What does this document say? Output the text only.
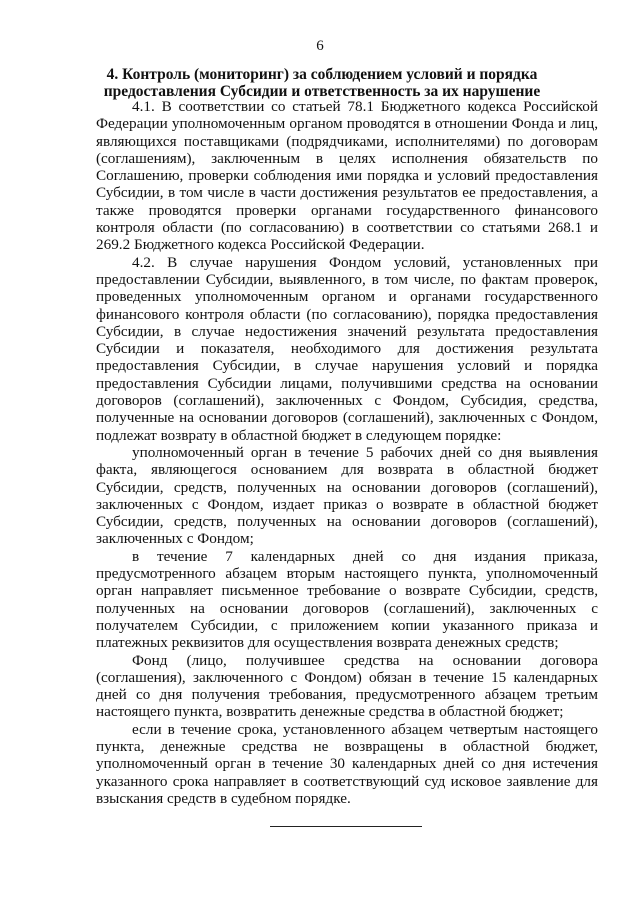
6
4. Контроль (мониторинг) за соблюдением условий и порядка предоставления Субсидии и ответственность за их нарушение

4.1. В соответствии со статьей 78.1 Бюджетного кодекса Российской Федерации уполномоченным органом проводятся в отношении Фонда и лиц, являющихся поставщиками (подрядчиками, исполнителями) по договорам (соглашениям), заключенным в целях исполнения обязательств по Соглашению, проверки соблюдения ими порядка и условий предоставления Субсидии, в том числе в части достижения результатов ее предоставления, а также проводятся проверки органами государственного финансового контроля области (по согласованию) в соответствии со статьями 268.1 и 269.2 Бюджетного кодекса Российской Федерации.

4.2. В случае нарушения Фондом условий, установленных при предоставлении Субсидии, выявленного, в том числе, по фактам проверок, проведенных уполномоченным органом и органами государственного финансового контроля области (по согласованию), порядка предоставления Субсидии, в случае недостижения значений результата предоставления Субсидии и показателя, необходимого для достижения результата предоставления Субсидии, в случае нарушения условий и порядка предоставления Субсидии лицами, получившими средства на основании договоров (соглашений), заключенных с Фондом, Субсидия, средства, полученные на основании договоров (соглашений), заключенных с Фондом, подлежат возврату в областной бюджет в следующем порядке:

уполномоченный орган в течение 5 рабочих дней со дня выявления факта, являющегося основанием для возврата в областной бюджет Субсидии, средств, полученных на основании договоров (соглашений), заключенных с Фондом, издает приказ о возврате в областной бюджет Субсидии, средств, полученных на основании договоров (соглашений), заключенных с Фондом;

в течение 7 календарных дней со дня издания приказа, предусмотренного абзацем вторым настоящего пункта, уполномоченный орган направляет письменное требование о возврате Субсидии, средств, полученных на основании договоров (соглашений), заключенных с получателем Субсидии, с приложением копии указанного приказа и платежных реквизитов для осуществления возврата денежных средств;

Фонд (лицо, получившее средства на основании договора (соглашения), заключенного с Фондом) обязан в течение 15 календарных дней со дня получения требования, предусмотренного абзацем третьим настоящего пункта, возвратить денежные средства в областной бюджет;

если в течение срока, установленного абзацем четвертым настоящего пункта, денежные средства не возвращены в областной бюджет, уполномоченный орган в течение 30 календарных дней со дня истечения указанного срока направляет в соответствующий суд исковое заявление для взыскания средств в судебном порядке.
